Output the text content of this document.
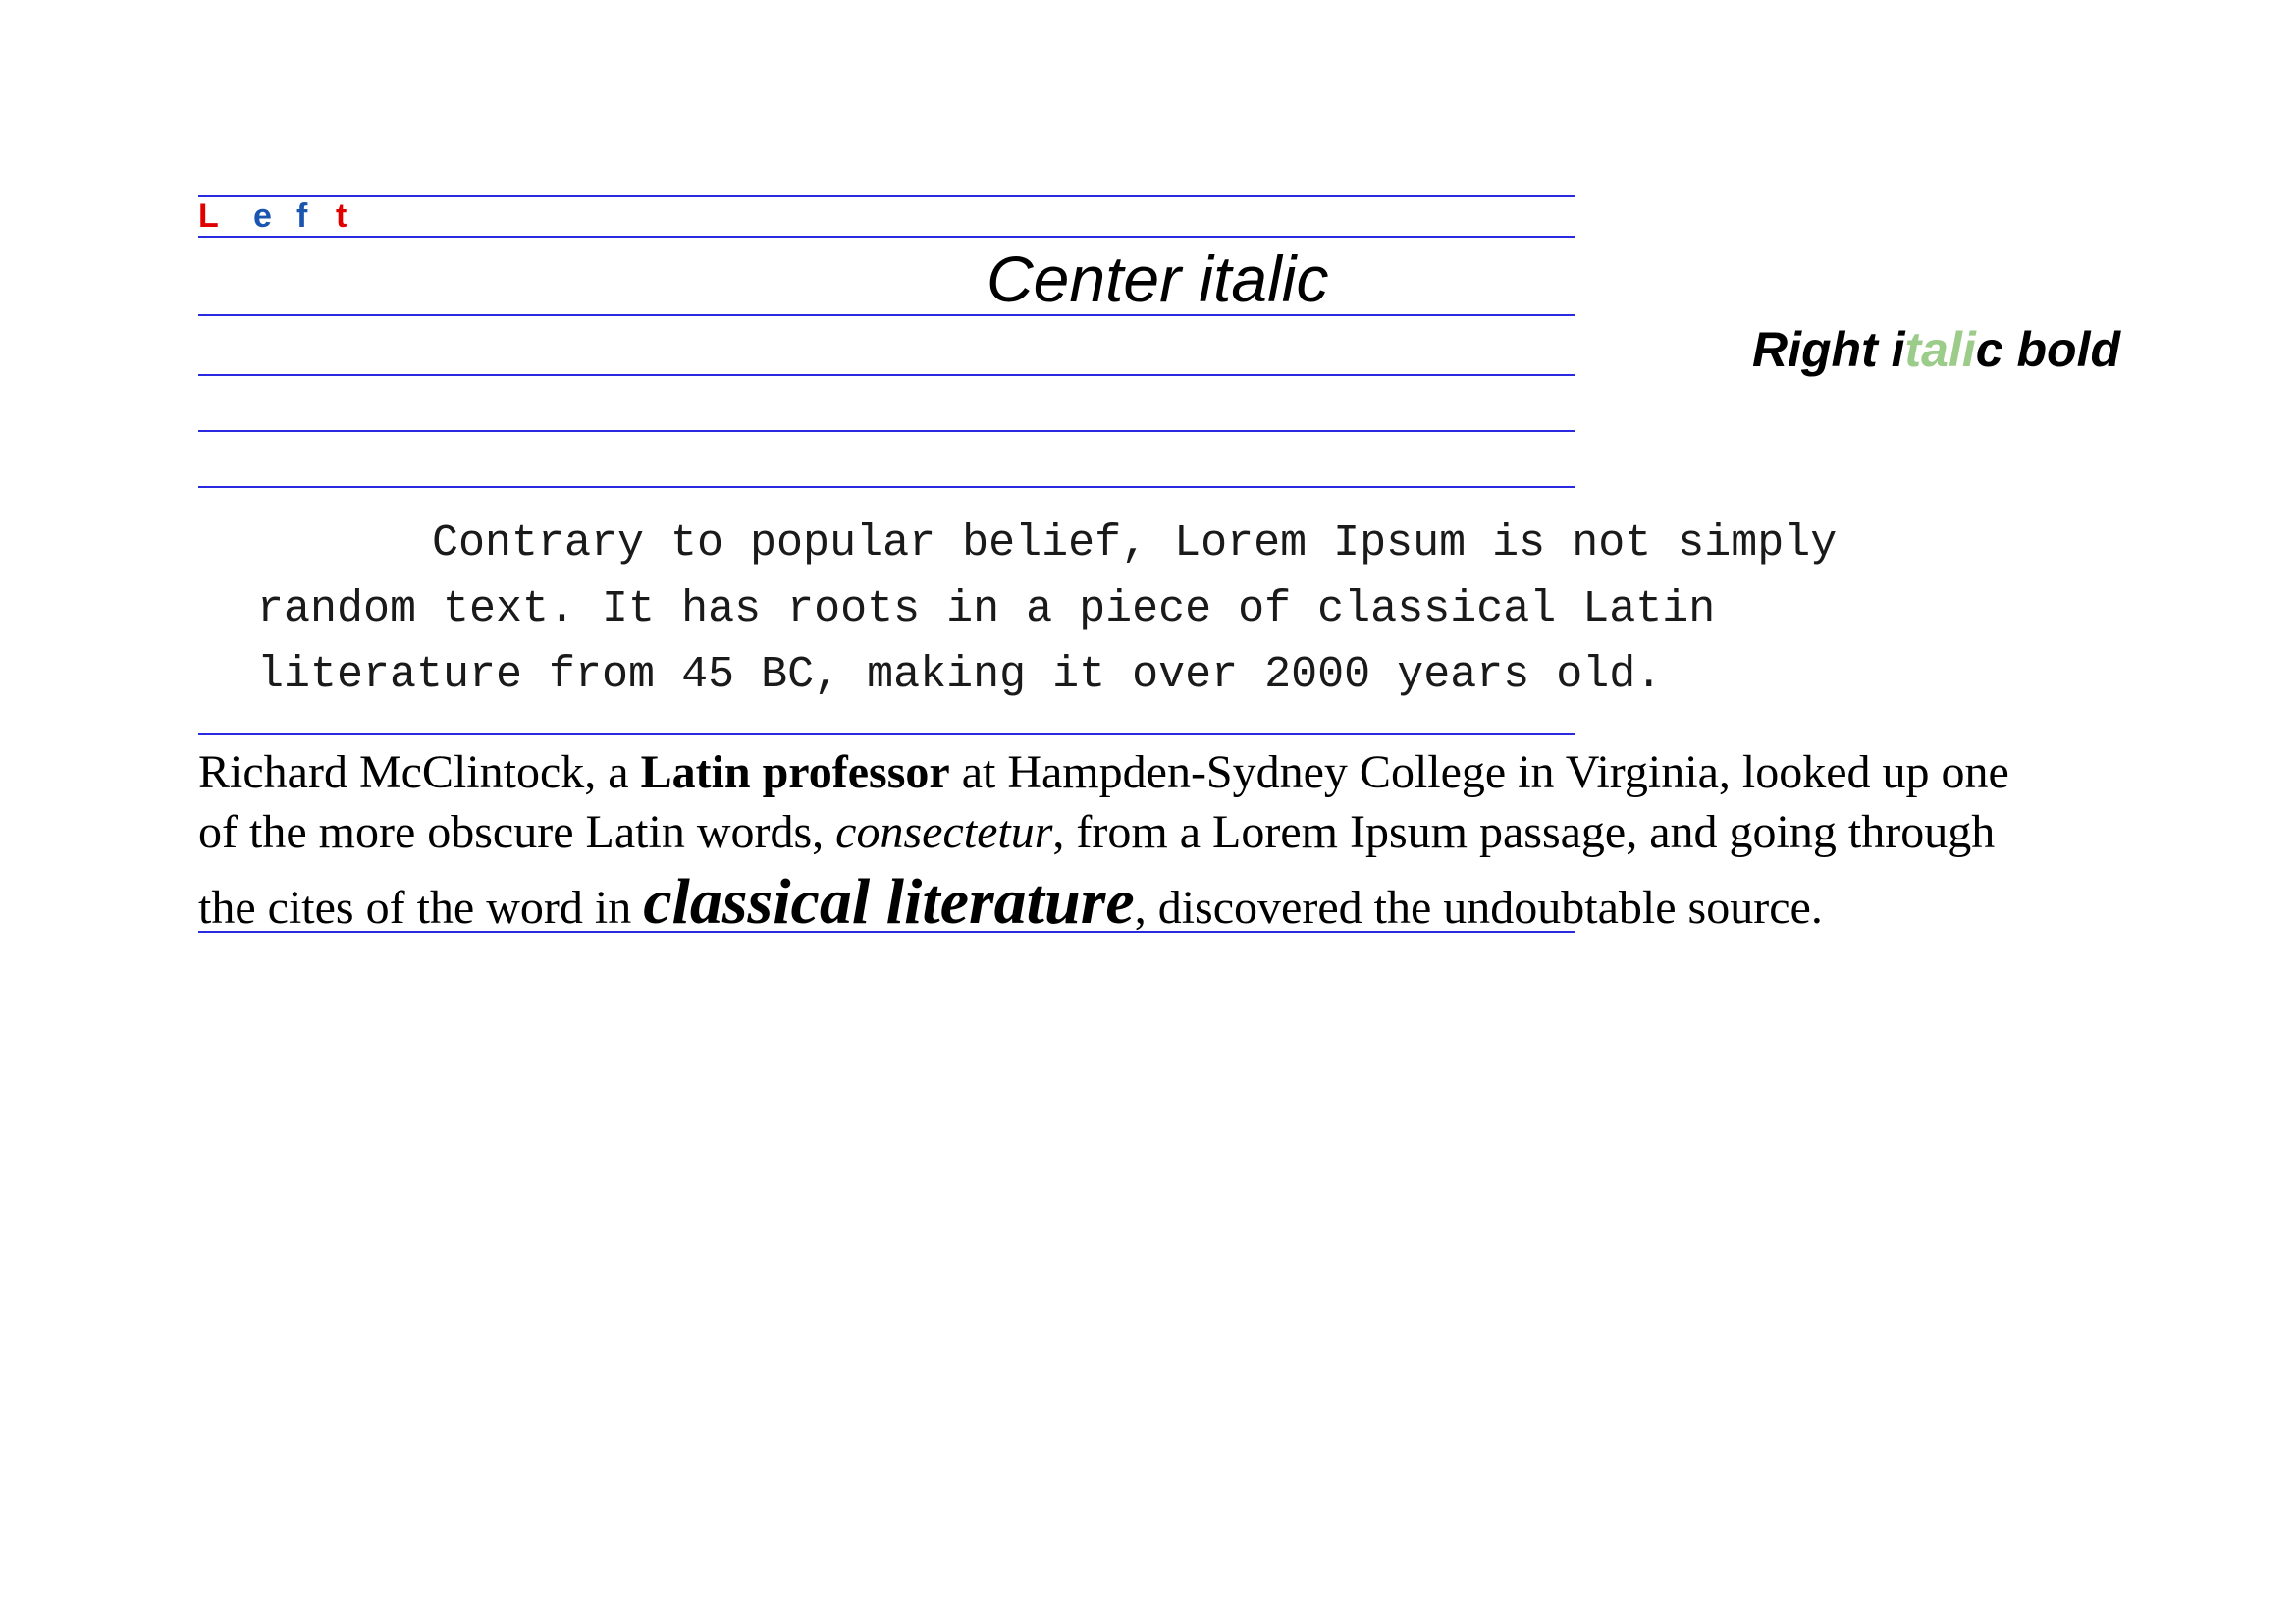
L e f t
Center italic
Right italic bold
Contrary to popular belief, Lorem Ipsum is not simply
random text. It has roots in a piece of classical Latin
literature from 45 BC, making it over 2000 years old.
Richard McClintock, a Latin professor at Hampden-Sydney College in Virginia, looked up one
of the more obscure Latin words, consectetur, from a Lorem Ipsum passage, and going through
the cites of the word in classical literature, discovered the undoubtable source.
